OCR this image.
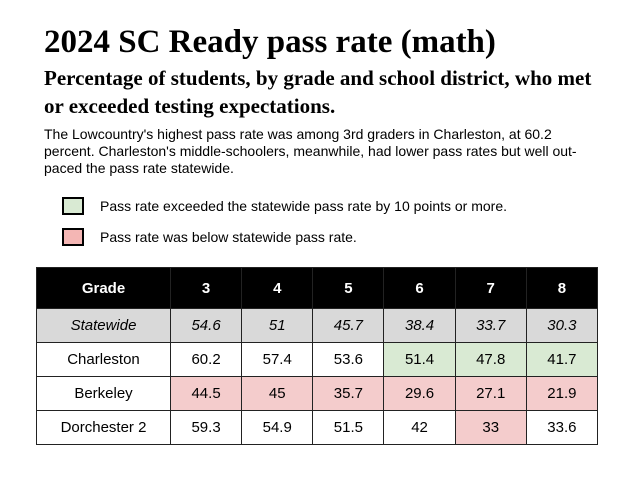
2024 SC Ready pass rate (math)
Percentage of students, by grade and school district, who met or exceeded testing expectations.
The Lowcountry's highest pass rate was among 3rd graders in Charleston, at 60.2 percent. Charleston's middle-schoolers, meanwhile, had lower pass rates but well out-paced the pass rate statewide.
Pass rate exceeded the statewide pass rate by 10 points or more.
Pass rate was below statewide pass rate.
Grade	3	4	5	6	7	8
Statewide	54.6	51	45.7	38.4	33.7	30.3
Charleston	60.2	57.4	53.6	51.4	47.8	41.7
Berkeley	44.5	45	35.7	29.6	27.1	21.9
Dorchester 2	59.3	54.9	51.5	42	33	33.6
